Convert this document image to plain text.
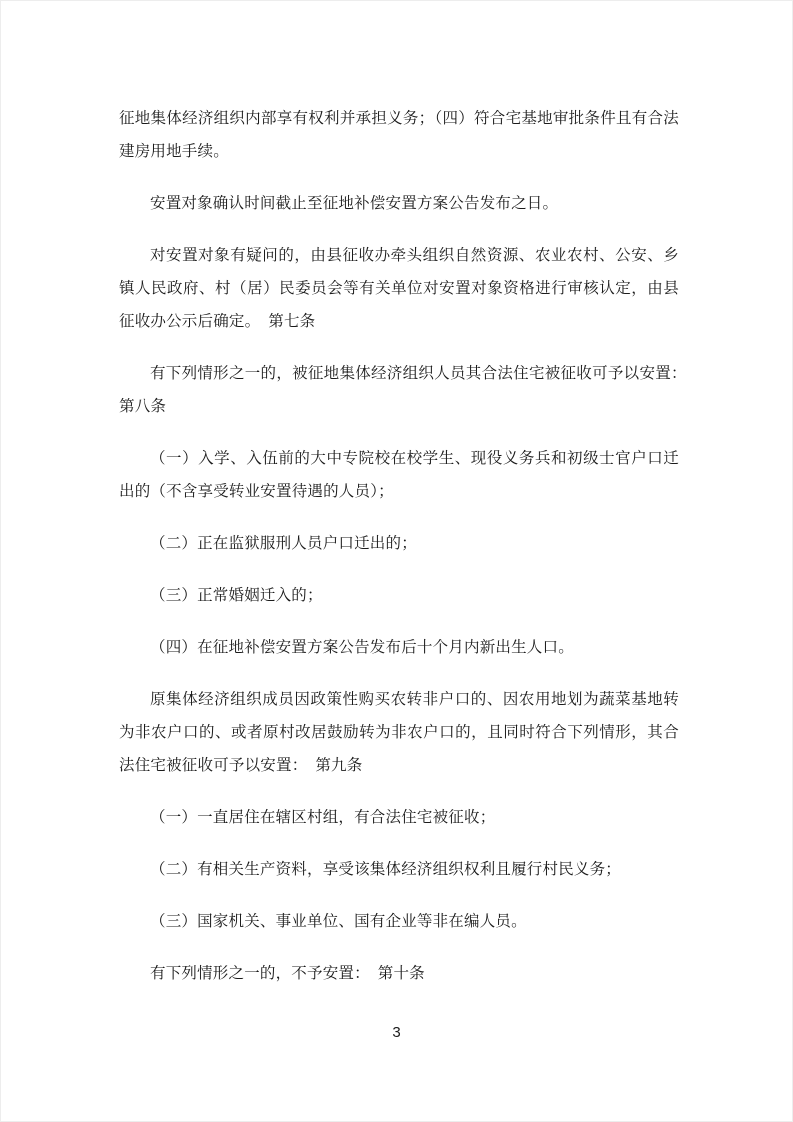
征地集体经济组织内部享有权利并承担义务；（四）符合宅基地审批条件且有合法建房用地手续。

安置对象确认时间截止至征地补偿安置方案公告发布之日。

对安置对象有疑问的，由县征收办牵头组织自然资源、农业农村、公安、乡镇人民政府、村（居）民委员会等有关单位对安置对象资格进行审核认定，由县征收办公示后确定。　第七条

有下列情形之一的，被征地集体经济组织人员其合法住宅被征收可予以安置：　第八条

（一）入学、入伍前的大中专院校在校学生、现役义务兵和初级士官户口迁出的（不含享受转业安置待遇的人员）；

（二）正在监狱服刑人员户口迁出的；

（三）正常婚姻迁入的；

（四）在征地补偿安置方案公告发布后十个月内新出生人口。

原集体经济组织成员因政策性购买农转非户口的、因农用地划为蔬菜基地转为非农户口的、或者原村改居鼓励转为非农户口的，且同时符合下列情形，其合法住宅被征收可予以安置：　第九条

（一）一直居住在辖区村组，有合法住宅被征收；

（二）有相关生产资料，享受该集体经济组织权利且履行村民义务；

（三）国家机关、事业单位、国有企业等非在编人员。

有下列情形之一的，不予安置：　第十条

3
